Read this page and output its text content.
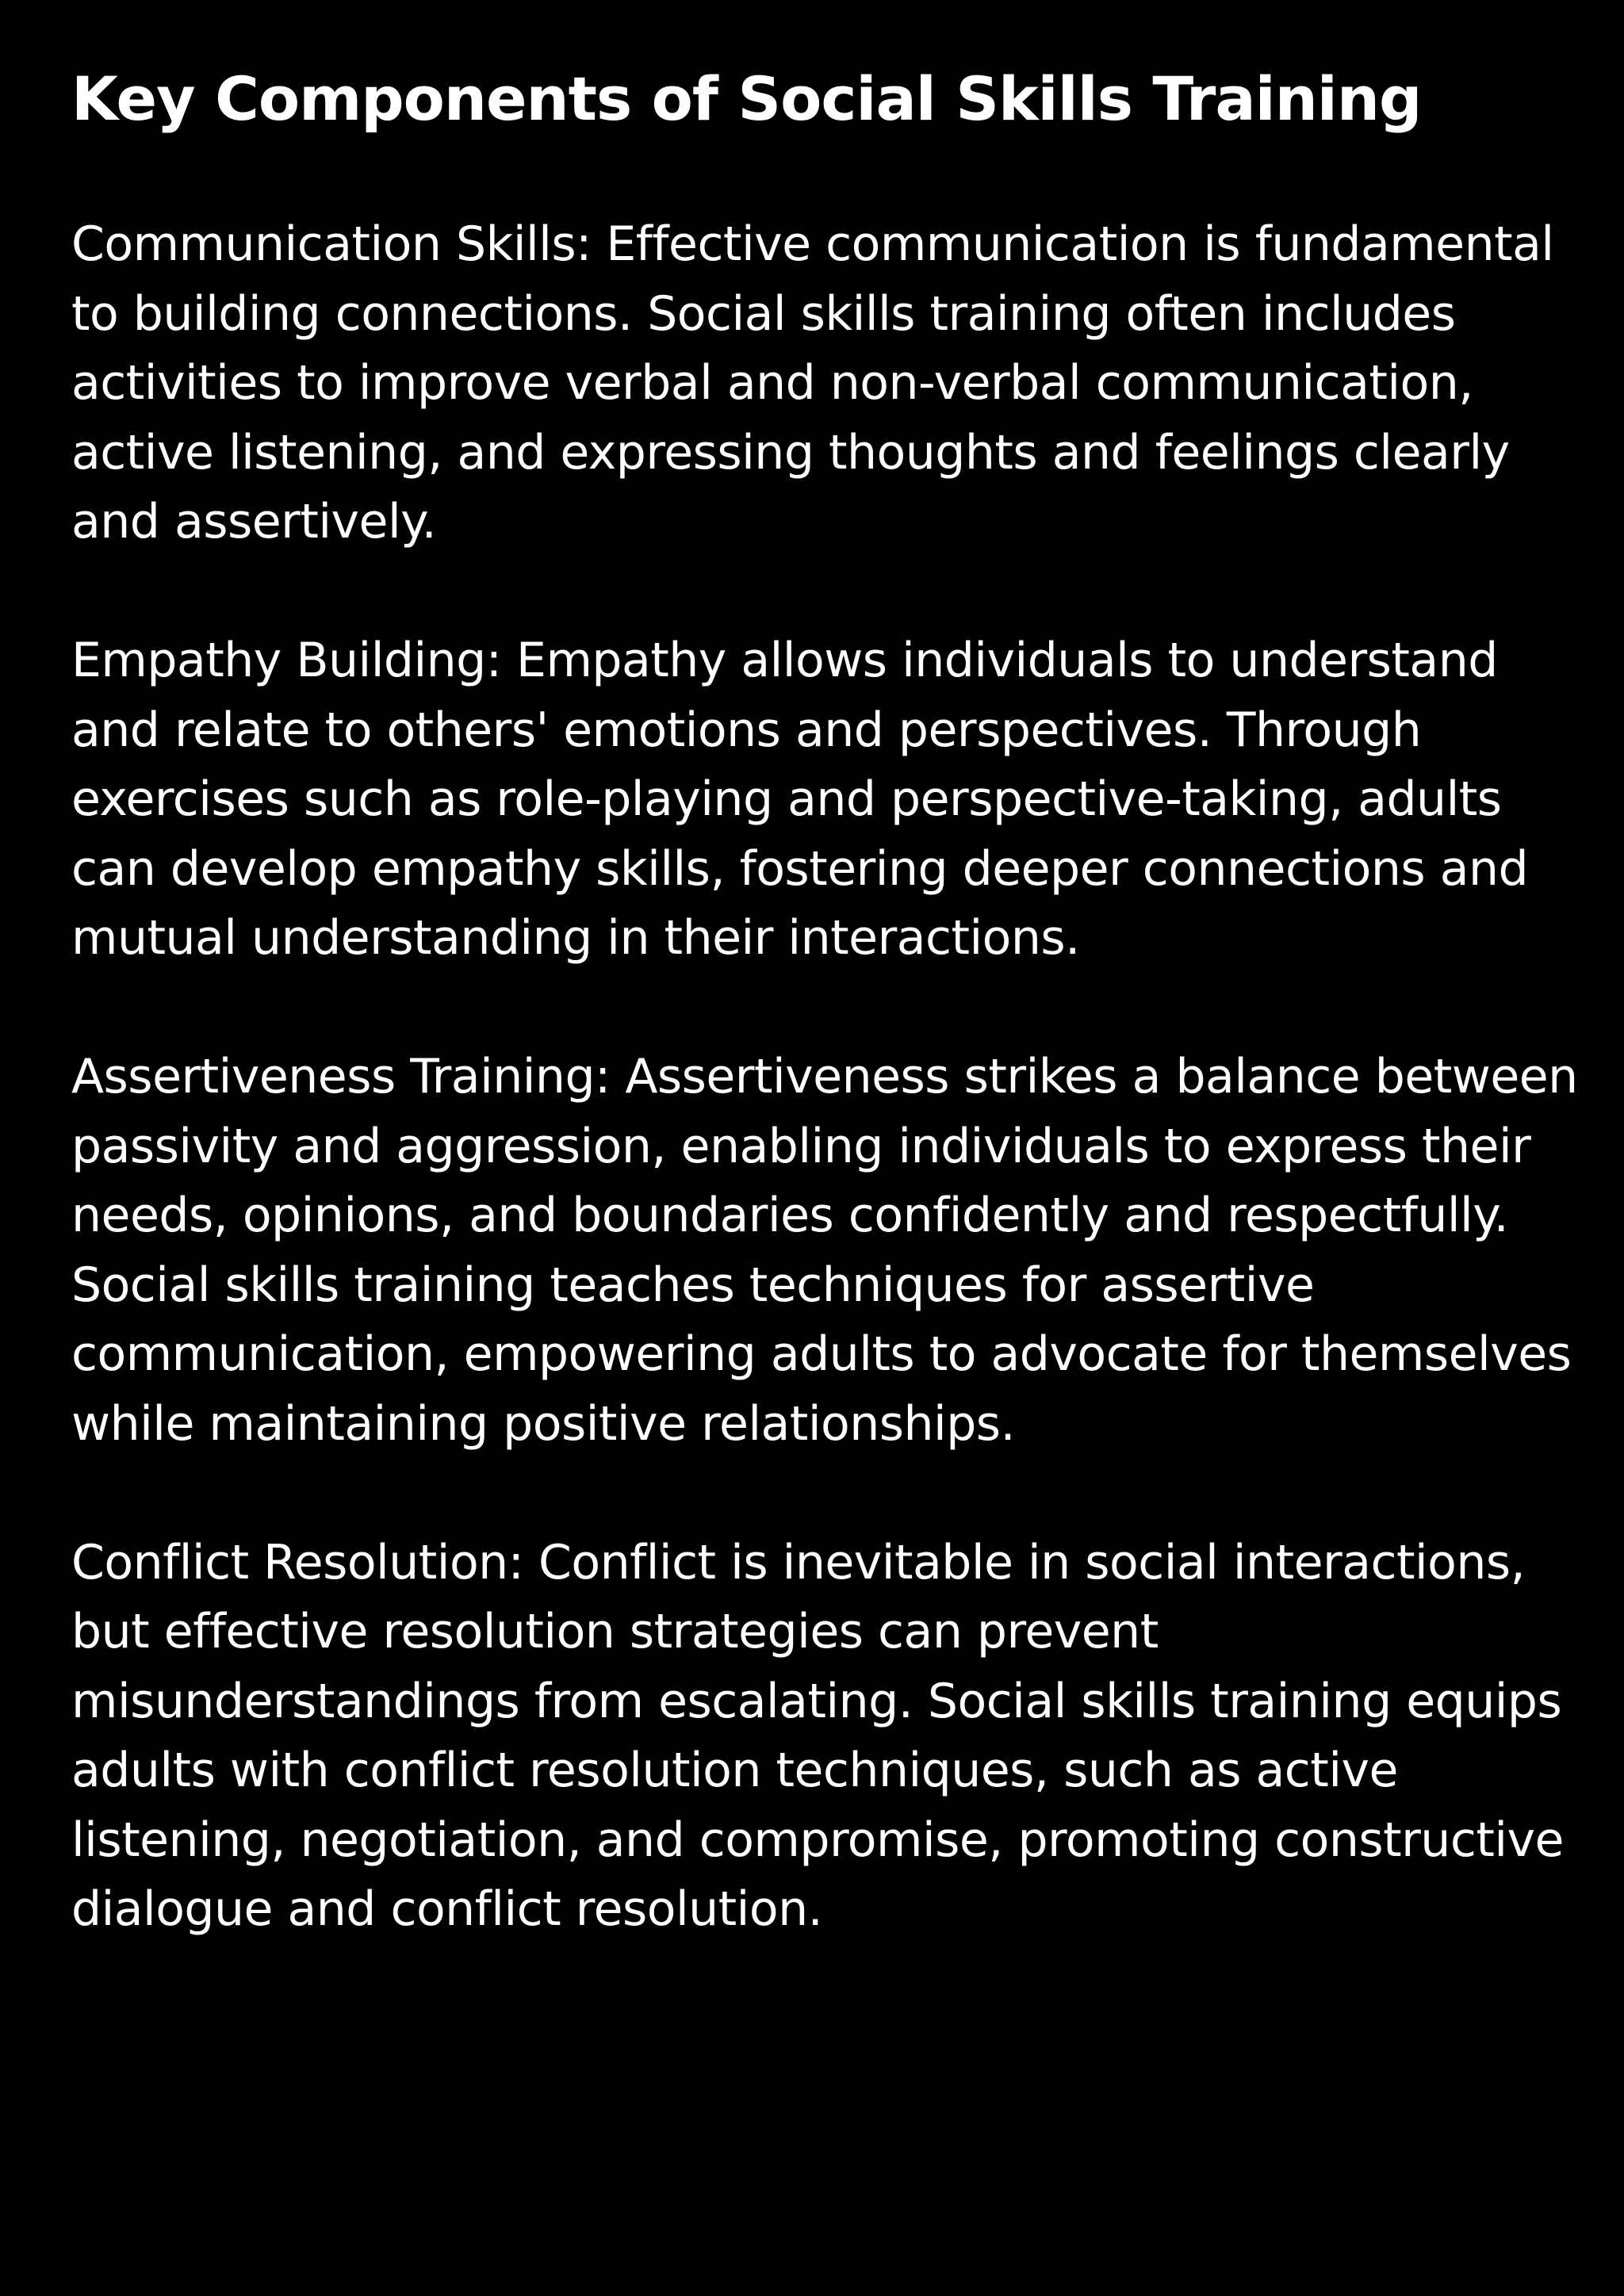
Key Components of Social Skills Training

Communication Skills: Effective communication is fundamental to building connections. Social skills training often includes activities to improve verbal and non-verbal communication, active listening, and expressing thoughts and feelings clearly and assertively.

Empathy Building: Empathy allows individuals to understand and relate to others' emotions and perspectives. Through exercises such as role-playing and perspective-taking, adults can develop empathy skills, fostering deeper connections and mutual understanding in their interactions.

Assertiveness Training: Assertiveness strikes a balance between passivity and aggression, enabling individuals to express their needs, opinions, and boundaries confidently and respectfully. Social skills training teaches techniques for assertive communication, empowering adults to advocate for themselves while maintaining positive relationships.

Conflict Resolution: Conflict is inevitable in social interactions, but effective resolution strategies can prevent misunderstandings from escalating. Social skills training equips adults with conflict resolution techniques, such as active listening, negotiation, and compromise, promoting constructive dialogue and conflict resolution.
